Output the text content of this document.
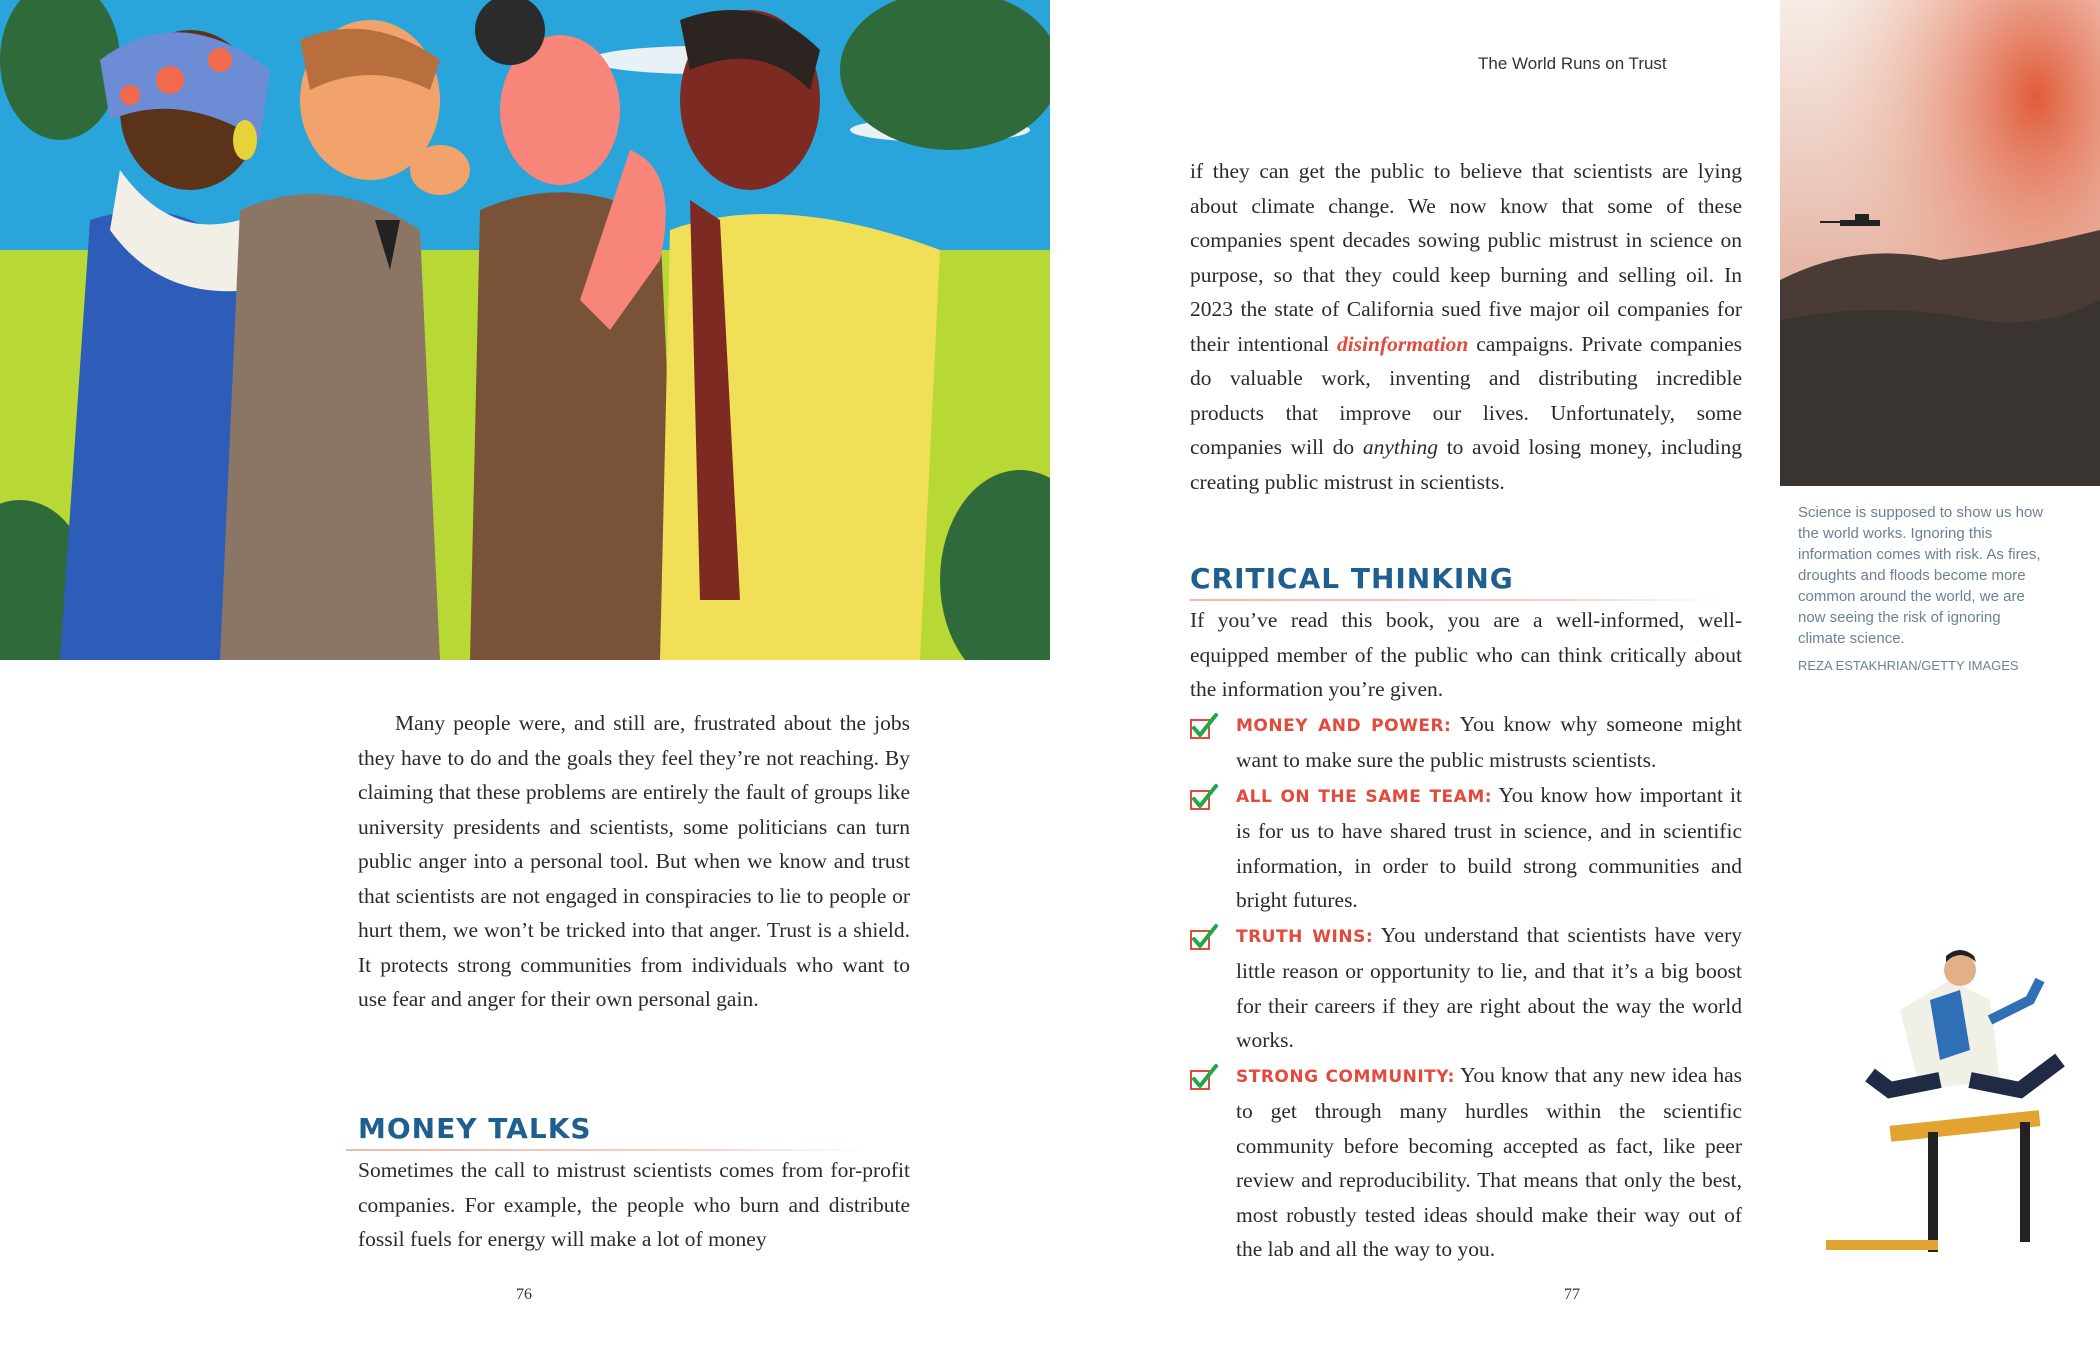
Many people were, and still are, frustrated about the jobs they have to do and the goals they feel they’re not reaching. By claiming that these problems are entirely the fault of groups like university presidents and scientists, some politicians can turn public anger into a personal tool. But when we know and trust that scientists are not engaged in conspiracies to lie to people or hurt them, we won’t be tricked into that anger. Trust is a shield. It protects strong communities from individuals who want to use fear and anger for their own personal gain.

MONEY TALKS

Sometimes the call to mistrust scientists comes from for-profit companies. For example, the people who burn and distribute fossil fuels for energy will make a lot of money

76
The World Runs on Trust

if they can get the public to believe that scientists are lying about climate change. We now know that some of these companies spent decades sowing public mistrust in science on purpose, so that they could keep burning and selling oil. In 2023 the state of California sued five major oil companies for their intentional disinformation campaigns. Private companies do valuable work, inventing and distributing incredible products that improve our lives. Unfortunately, some companies will do anything to avoid losing money, including creating public mistrust in scientists.

CRITICAL THINKING

If you’ve read this book, you are a well-informed, well-equipped member of the public who can think critically about the information you’re given.

MONEY AND POWER: You know why someone might want to make sure the public mistrusts scientists.
ALL ON THE SAME TEAM: You know how important it is for us to have shared trust in science, and in scientific information, in order to build strong communities and bright futures.
TRUTH WINS: You understand that scientists have very little reason or opportunity to lie, and that it’s a big boost for their careers if they are right about the way the world works.
STRONG COMMUNITY: You know that any new idea has to get through many hurdles within the scientific community before becoming accepted as fact, like peer review and reproducibility. That means that only the best, most robustly tested ideas should make their way out of the lab and all the way to you.
Science is supposed to show us how the world works. Ignoring this information comes with risk. As fires, droughts and floods become more common around the world, we are now seeing the risk of ignoring climate science.
REZA ESTAKHRIAN/GETTY IMAGES
77
